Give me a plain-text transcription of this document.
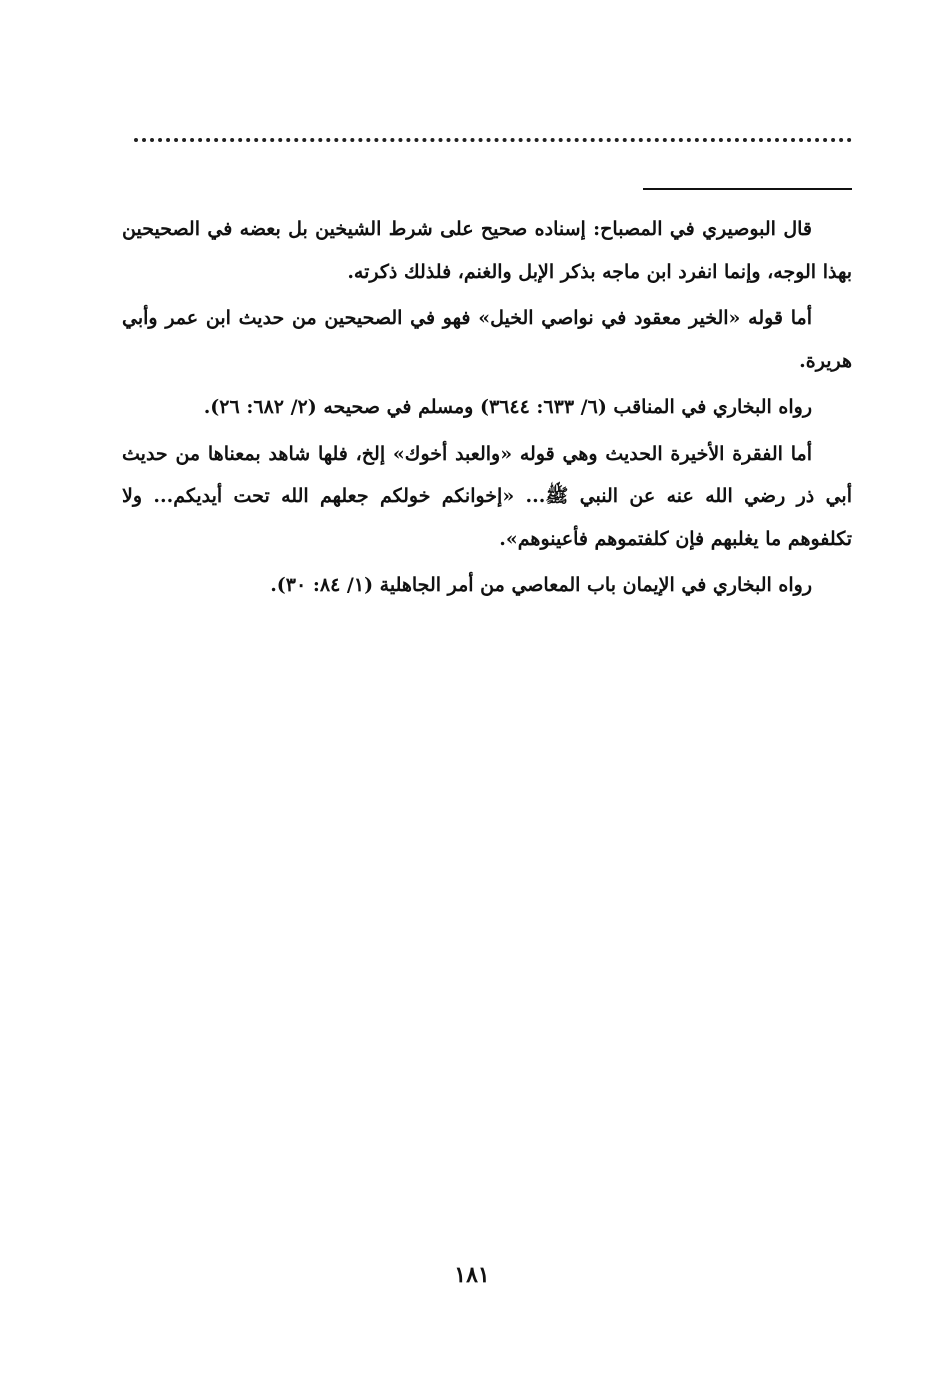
قال البوصيري في المصباح: إسناده صحيح على شرط الشيخين بل بعضه في الصحيحين بهذا الوجه، وإنما انفرد ابن ماجه بذكر الإبل والغنم، فلذلك ذكرته.

أما قوله «الخير معقود في نواصي الخيل» فهو في الصحيحين من حديث ابن عمر وأبي هريرة.

رواه البخاري في المناقب (٦/ ٦٣٣: ٣٦٤٤) ومسلم في صحيحه (٢/ ٦٨٢: ٢٦).

أما الفقرة الأخيرة الحديث وهي قوله «والعبد أخوك» إلخ، فلها شاهد بمعناها من حديث أبي ذر رضي الله عنه عن النبي ﷺ... «إخوانكم خولكم جعلهم الله تحت أيديكم... ولا تكلفوهم ما يغلبهم فإن كلفتموهم فأعينوهم».

رواه البخاري في الإيمان باب المعاصي من أمر الجاهلية (١/ ٨٤: ٣٠).

١٨١
